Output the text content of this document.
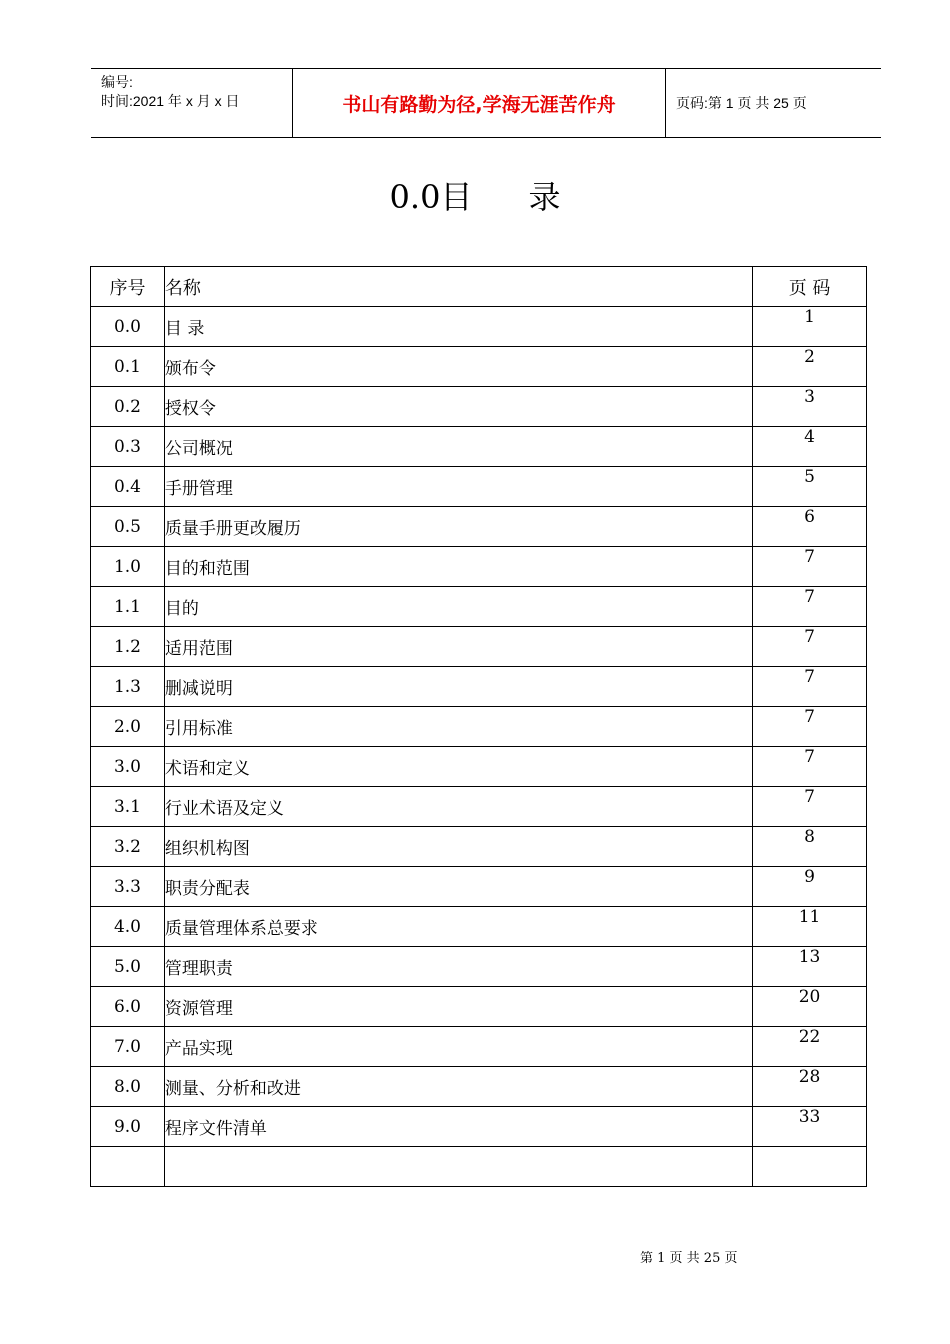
编号:
时间:2021 年 x 月 x 日	书山有路勤为径,学海无涯苦作舟	页码:第 1 页 共 25 页
0.0目 录
序号	名称	页 码
0.0	目 录	1
0.1	颁布令	2
0.2	授权令	3
0.3	公司概况	4
0.4	手册管理	5
0.5	质量手册更改履历	6
1.0	目的和范围	7
1.1	目的	7
1.2	适用范围	7
1.3	删减说明	7
2.0	引用标准	7
3.0	术语和定义	7
3.1	行业术语及定义	7
3.2	组织机构图	8
3.3	职责分配表	9
4.0	质量管理体系总要求	11
5.0	管理职责	13
6.0	资源管理	20
7.0	产品实现	22
8.0	测量、分析和改进	28
9.0	程序文件清单	33

第 1 页 共 25 页
